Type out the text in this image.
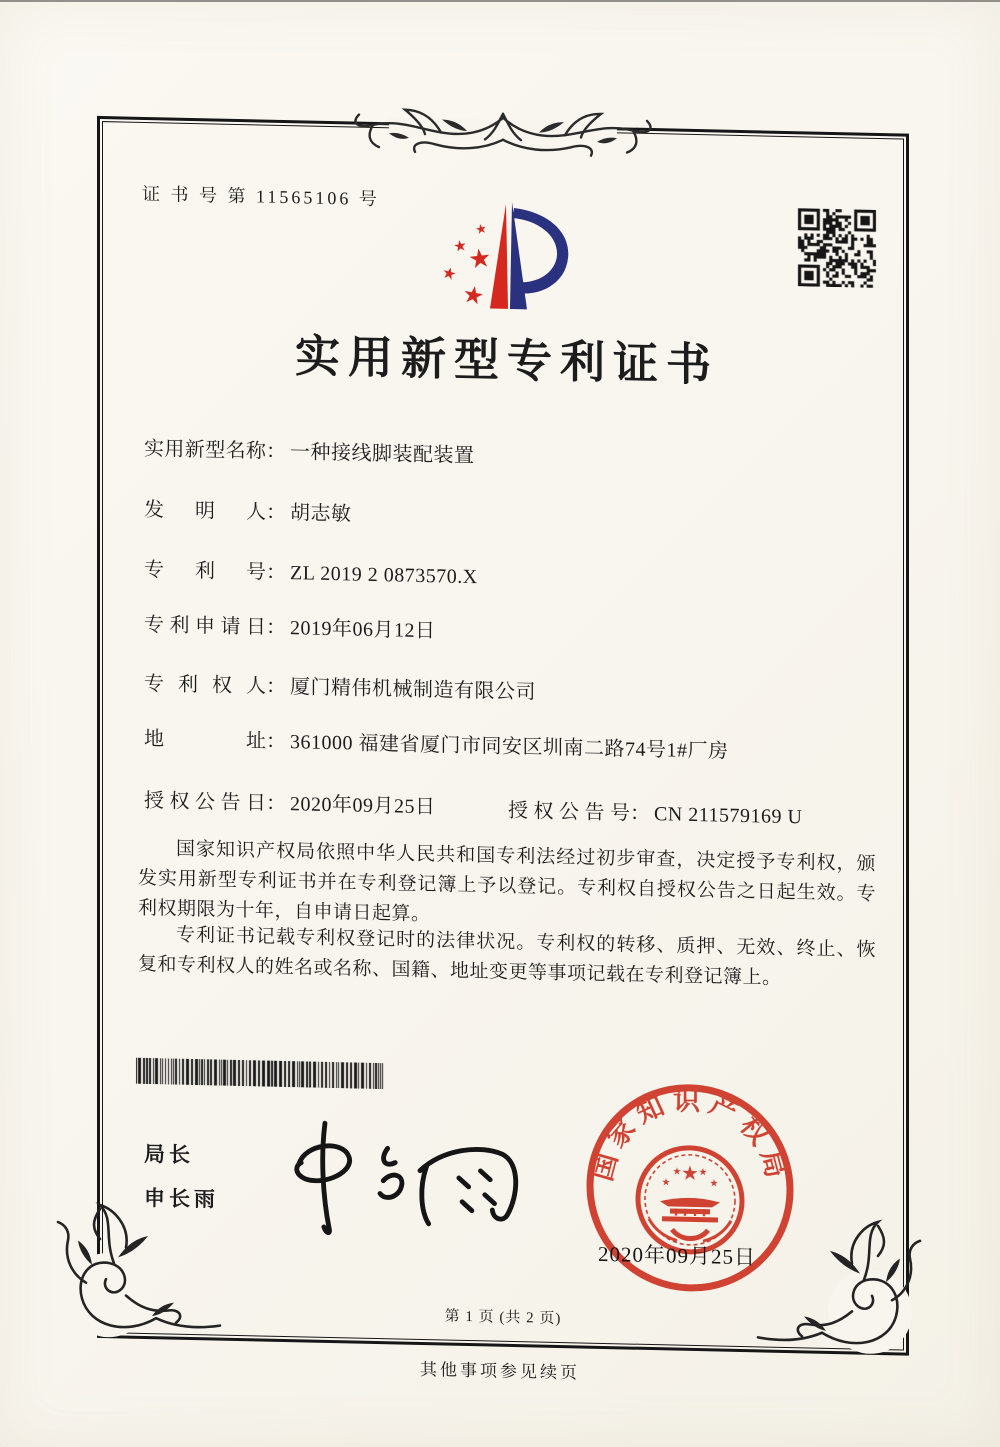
证 书 号 第 11565106 号
★
★
★
★
★
实用新型专利证书
实用新型名称： 一种接线脚装配装置
发明人： 胡志敏
专利号： ZL 2019 2 0873570.X
专利申请日： 2019年06月12日
专利权人： 厦门精伟机械制造有限公司
地址： 361000 福建省厦门市同安区圳南二路74号1#厂房
授权公告日： 2020年09月25日	授权公告号： CN 211579169 U
国家知识产权局依照中华人民共和国专利法经过初步审查，决定授予专利权，颁发实用新型专利证书并在专利登记簿上予以登记。专利权自授权公告之日起生效。专利权期限为十年，自申请日起算。
专利证书记载专利权登记时的法律状况。专利权的转移、质押、无效、终止、恢复和专利权人的姓名或名称、国籍、地址变更等事项记载在专利登记簿上。
局长
申长雨
国家知识产权局
★
★
★ ★
★
2020年09月25日
第 1 页 (共 2 页)
其他事项参见续页
